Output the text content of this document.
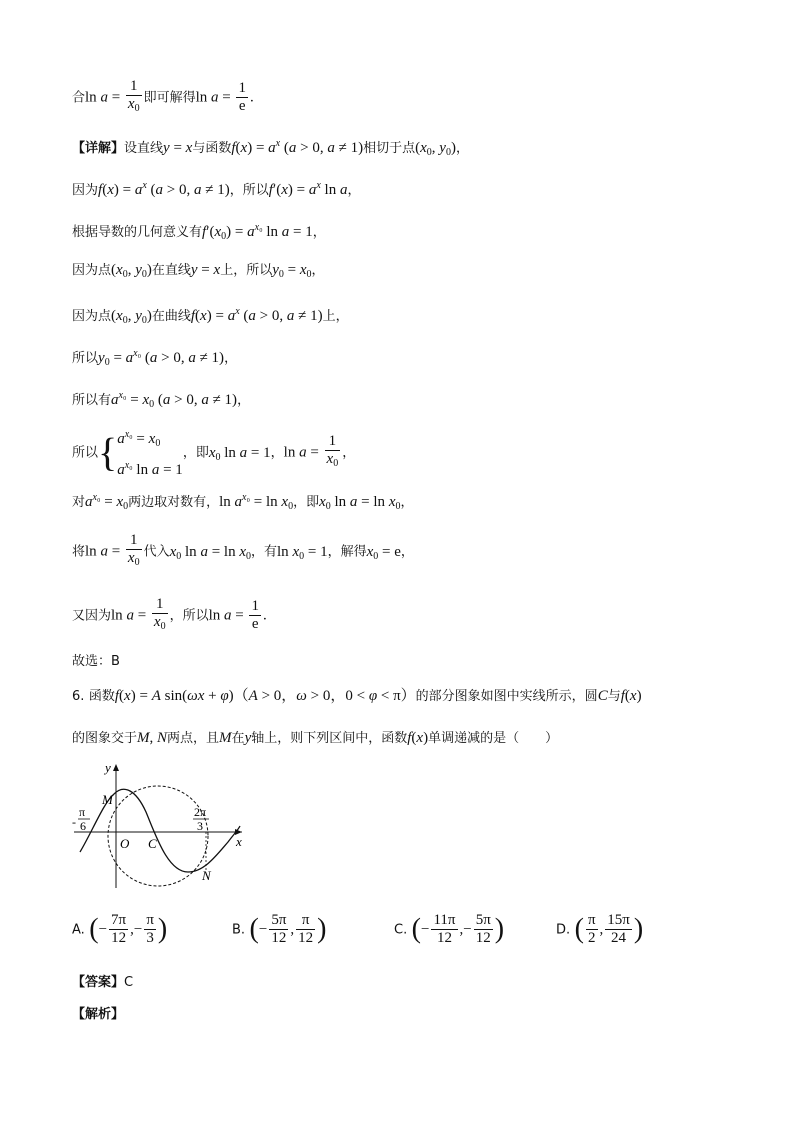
合$\ln a = \frac{1}{x_0}$ 即可解得$\ln a = \frac{1}{e}$ .
【详解】设直线y = x与函数$f(x) = a^x$ (a > 0, a ≠ 1)相切于点($x_0$, $y_0$)，
因为$f(x) = a^x$ (a > 0, a ≠ 1)，所以$f'(x) = a^x$ ln a，
根据导数的几何意义有$f'(x_0) = a^{x_0}$ ln a = 1，
因为点($x_0$, $y_0$)在直线y = x上，所以$y_0 = x_0$，
因为点($x_0$, $y_0$)在曲线$f(x) = a^x$ (a > 0, a ≠ 1)上，
所以$y_0 = a^{x_0}$ (a > 0, a ≠ 1)，
所以有$a^{x_0} = x_0$ (a > 0, a ≠ 1)，
所以{ $a^{x_0} = x_0$
$a^{x_0}$ ln a = 1
，即$x_0$ ln a = 1，$\ln a = \frac{1}{x_0}$ ，
对$a^{x_0} = x_0$两边取对数有，$\ln a^{x_0} = \ln x_0$，即$x_0$ $\ln a = \ln x_0$，
将$\ln a = \frac{1}{x_0}$ 代入$x_0$ $\ln a = \ln x_0$，有$\ln x_0 = 1$，解得$x_0 = e$，
又因为$\ln a = \frac{1}{x_0}$ ，所以$\ln a = \frac{1}{e}$ .
故选：B
6. 函数f(x) = A sin(ωx + φ)（A > 0，ω > 0，0 < φ < π）的部分图象如图中实线所示，圆C与f(x)
的图象交于M, N两点，且M在y轴上，则下列区间中，函数f(x)单调递减的是（　　）
y
x
O
M
C
N
-
π
6
2π
3
A. (− $\frac{7\pi}{12}$ ,− $\frac{\pi}{3}$ )	B. (− $\frac{5\pi}{12}$ , $\frac{\pi}{12}$ )	C. (− $\frac{11\pi}{12}$ ,− $\frac{5\pi}{12}$ )	D. ( $\frac{\pi}{2}$ , $\frac{15\pi}{24}$ )
【答案】C
【解析】
